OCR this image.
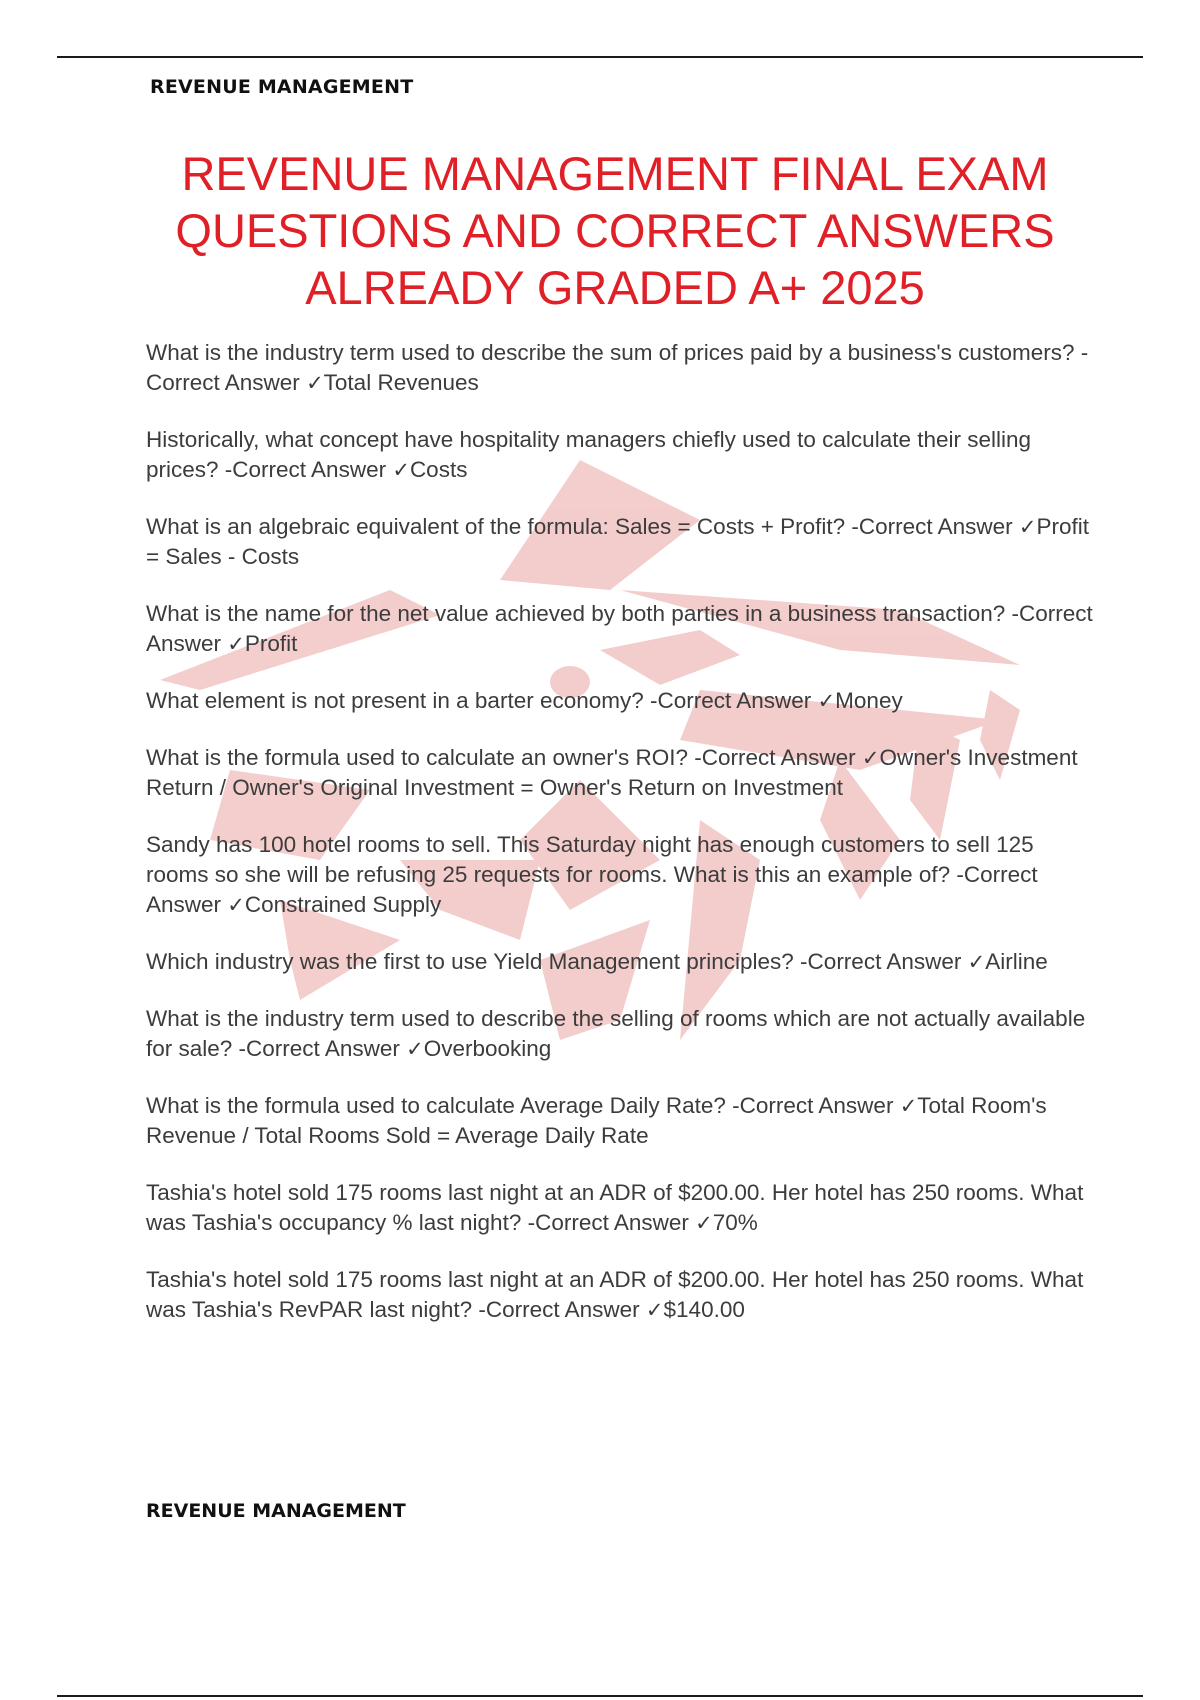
REVENUE MANAGEMENT
REVENUE MANAGEMENT FINAL EXAM
QUESTIONS AND CORRECT ANSWERS
ALREADY GRADED A+ 2025

What is the industry term used to describe the sum of prices paid by a business's customers? -Correct Answer ✓Total Revenues

Historically, what concept have hospitality managers chiefly used to calculate their selling prices? -Correct Answer ✓Costs

What is an algebraic equivalent of the formula: Sales = Costs + Profit? -Correct Answer ✓Profit = Sales - Costs

What is the name for the net value achieved by both parties in a business transaction? -Correct Answer ✓Profit

What element is not present in a barter economy? -Correct Answer ✓Money

What is the formula used to calculate an owner's ROI? -Correct Answer ✓Owner's Investment Return / Owner's Original Investment = Owner's Return on Investment

Sandy has 100 hotel rooms to sell. This Saturday night has enough customers to sell 125 rooms so she will be refusing 25 requests for rooms. What is this an example of? -Correct Answer ✓Constrained Supply

Which industry was the first to use Yield Management principles? -Correct Answer ✓Airline

What is the industry term used to describe the selling of rooms which are not actually available for sale? -Correct Answer ✓Overbooking

What is the formula used to calculate Average Daily Rate? -Correct Answer ✓Total Room's Revenue / Total Rooms Sold = Average Daily Rate

Tashia's hotel sold 175 rooms last night at an ADR of $200.00. Her hotel has 250 rooms. What was Tashia's occupancy % last night? -Correct Answer ✓70%

Tashia's hotel sold 175 rooms last night at an ADR of $200.00. Her hotel has 250 rooms. What was Tashia's RevPAR last night? -Correct Answer ✓$140.00

REVENUE MANAGEMENT
